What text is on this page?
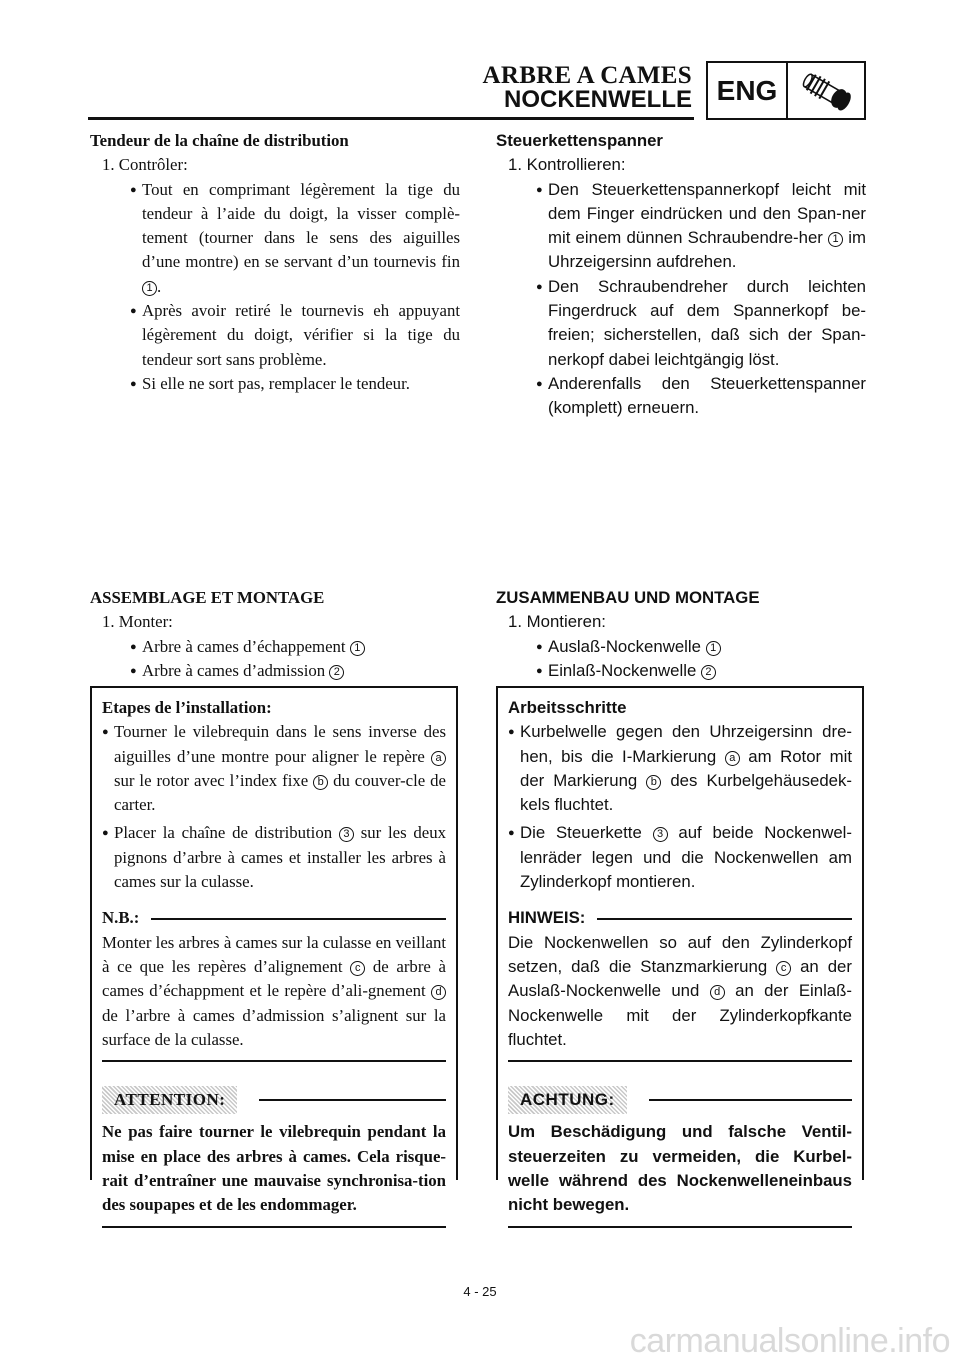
ARBRE A CAMES
NOCKENWELLE ENG
Tendeur de la chaîne de distribution
1. Contrôler:
●
Tout en comprimant légèrement la tige du tendeur à l’aide du doigt, la visser complè-tement (tourner dans le sens des aiguilles d’une montre) en se servant d’un tournevis fin 1 .
●
Après avoir retiré le tournevis eh appuyant légèrement du doigt, vérifier si la tige du tendeur sort sans problème.
●
Si elle ne sort pas, remplacer le tendeur.
Steuerkettenspanner
1. Kontrollieren:
●
Den Steuerkettenspannerkopf leicht mit dem Finger eindrücken und den Span-ner mit einem dünnen Schraubendre-her 1 im Uhrzeigersinn aufdrehen.
●
Den Schraubendreher durch leichten Fingerdruck auf dem Spannerkopf be-freien; sicherstellen, daß sich der Span-nerkopf dabei leichtgängig löst.
●
Anderenfalls den Steuerkettenspanner (komplett) erneuern.
ASSEMBLAGE ET MONTAGE
1. Monter:
●
Arbre à cames d’échappement 1
●
Arbre à cames d’admission 2
ZUSAMMENBAU UND MONTAGE
1. Montieren:
●
Auslaß-Nockenwelle 1
●
Einlaß-Nockenwelle 2
Etapes de l’installation:
●
Tourner le vilebrequin dans le sens inverse des aiguilles d’une montre pour aligner le repère a sur le rotor avec l’index fixe b du couver-cle de carter.
●
Placer la chaîne de distribution 3 sur les deux pignons d’arbre à cames et installer les arbres à cames sur la culasse.
N.B.:
Monter les arbres à cames sur la culasse en veillant à ce que les repères d’alignement c de arbre à cames d’échappment et le repère d’ali-gnement d de l’arbre à cames d’admission s’alignent sur la surface de la culasse.
ATTENTION:
Ne pas faire tourner le vilebrequin pendant la mise en place des arbres à cames. Cela risque-rait d’entraîner une mauvaise synchronisa-tion des soupapes et de les endommager.
Arbeitsschritte
●
Kurbelwelle gegen den Uhrzeigersinn dre-hen, bis die I-Markierung a am Rotor mit der Markierung b des Kurbelgehäusedek-kels fluchtet.
●
Die Steuerkette 3 auf beide Nockenwel-lenräder legen und die Nockenwellen am Zylinderkopf montieren.
HINWEIS:
Die Nockenwellen so auf den Zylinderkopf setzen, daß die Stanzmarkierung c an der Auslaß-Nockenwelle und d an der Einlaß-Nockenwelle mit der Zylinderkopfkante fluchtet.
ACHTUNG:
Um Beschädigung und falsche Ventil-steuerzeiten zu vermeiden, die Kurbel-welle während des Nockenwelleneinbaus nicht bewegen.
4 - 25
carmanualsonline.info
